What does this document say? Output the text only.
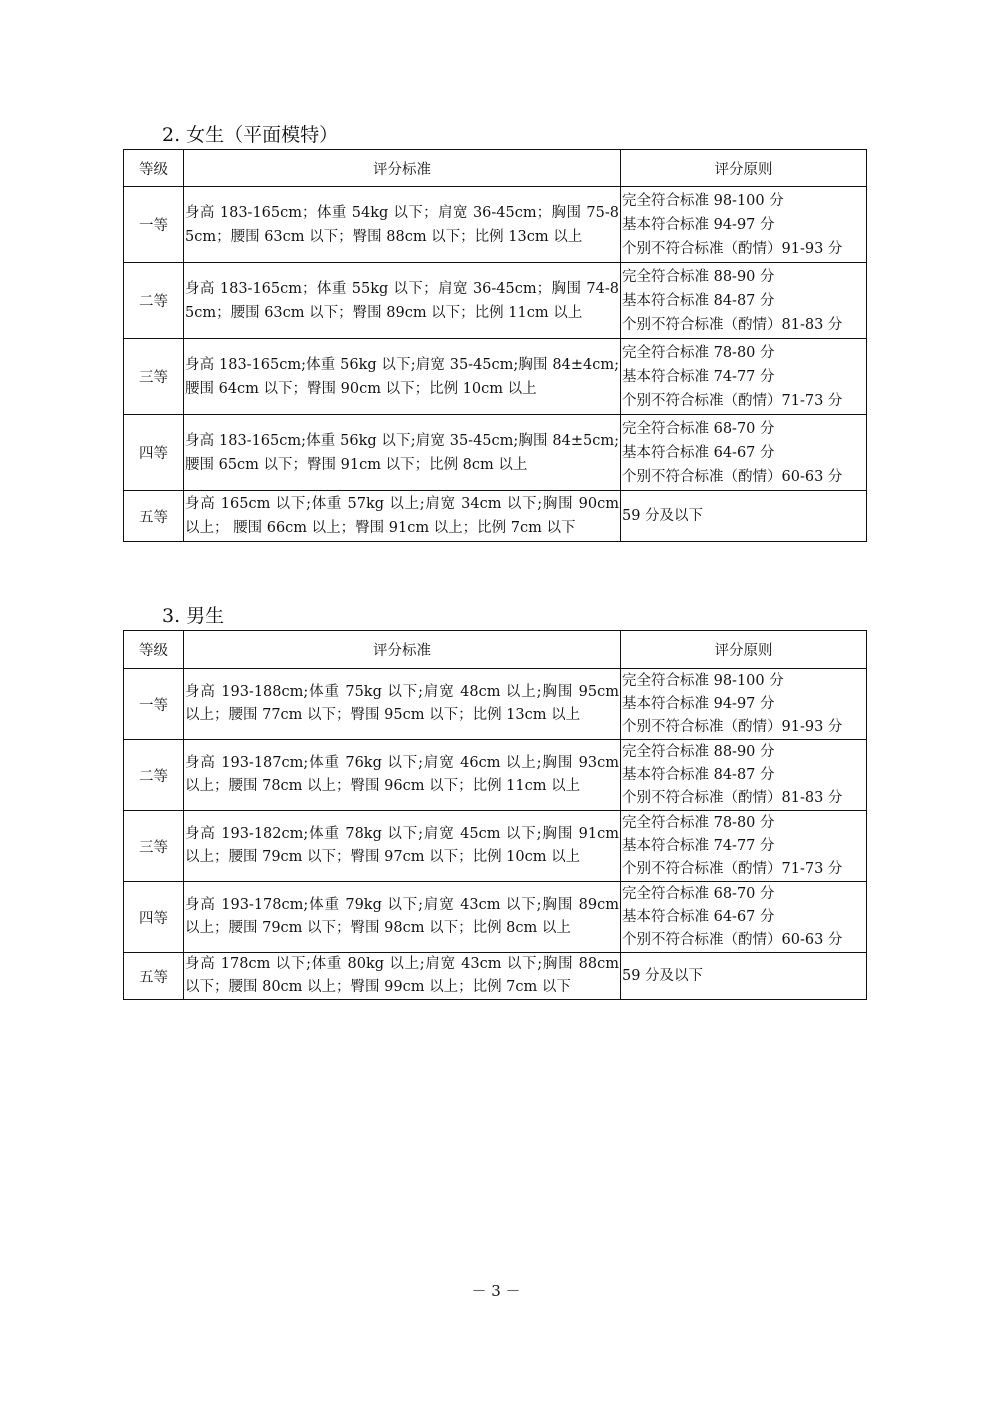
2. 女生（平面模特）
等级	评分标准	评分原则
一等	身高 183-165cm；体重 54kg 以下；肩宽 36-45cm；胸围 75-85cm；腰围 63cm 以下；臀围 88cm 以下；比例 13cm 以上	完全符合标准 98-100 分
基本符合标准 94-97 分
个别不符合标准（酌情）91-93 分

二等	身高 183-165cm；体重 55kg 以下；肩宽 36-45cm；胸围 74-85cm；腰围 63cm 以下；臀围 89cm 以下；比例 11cm 以上	完全符合标准 88-90 分
基本符合标准 84-87 分
个别不符合标准（酌情）81-83 分

三等	身高 183-165cm;体重 56kg 以下;肩宽 35-45cm;胸围 84±4cm;腰围 64cm 以下；臀围 90cm 以下；比例 10cm 以上	完全符合标准 78-80 分
基本符合标准 74-77 分
个别不符合标准（酌情）71-73 分

四等	身高 183-165cm;体重 56kg 以下;肩宽 35-45cm;胸围 84±5cm;腰围 65cm 以下；臀围 91cm 以下；比例 8cm 以上	完全符合标准 68-70 分
基本符合标准 64-67 分
个别不符合标准（酌情）60-63 分

五等	身高 165cm 以下;体重 57kg 以上;肩宽 34cm 以下;胸围 90cm 以上； 腰围 66cm 以上；臀围 91cm 以上；比例 7cm 以下	59 分及以下
3. 男生
等级	评分标准	评分原则
一等	身高 193-188cm;体重 75kg 以下;肩宽 48cm 以上;胸围 95cm 以上；腰围 77cm 以下；臀围 95cm 以下；比例 13cm 以上	完全符合标准 98-100 分
基本符合标准 94-97 分
个别不符合标准（酌情）91-93 分

二等	身高 193-187cm;体重 76kg 以下;肩宽 46cm 以上;胸围 93cm 以上；腰围 78cm 以上；臀围 96cm 以下；比例 11cm 以上	完全符合标准 88-90 分
基本符合标准 84-87 分
个别不符合标准（酌情）81-83 分

三等	身高 193-182cm;体重 78kg 以下;肩宽 45cm 以下;胸围 91cm 以上；腰围 79cm 以下；臀围 97cm 以下；比例 10cm 以上	完全符合标准 78-80 分
基本符合标准 74-77 分
个别不符合标准（酌情）71-73 分

四等	身高 193-178cm;体重 79kg 以下;肩宽 43cm 以下;胸围 89cm 以上；腰围 79cm 以下；臀围 98cm 以下；比例 8cm 以上	完全符合标准 68-70 分
基本符合标准 64-67 分
个别不符合标准（酌情）60-63 分

五等	身高 178cm 以下;体重 80kg 以上;肩宽 43cm 以下;胸围 88cm 以下；腰围 80cm 以上；臀围 99cm 以上；比例 7cm 以下	59 分及以下
－ 3 －
